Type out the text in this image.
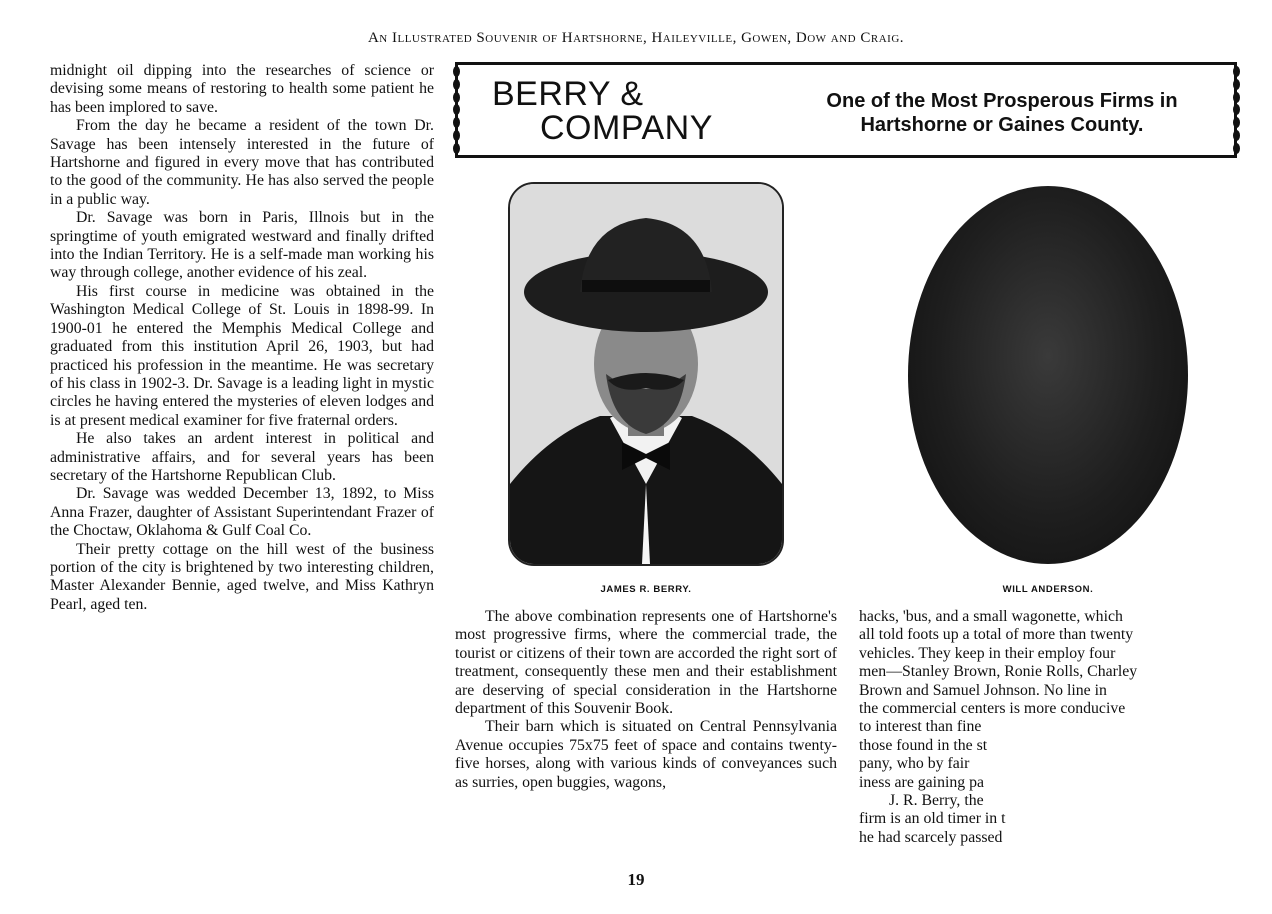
An Illustrated Souvenir of Hartshorne, Haileyville, Gowen, Dow and Craig.

midnight oil dipping into the researches of science or devising some means of restoring to health some patient he has been implored to save.

From the day he became a resident of the town Dr. Savage has been intensely interested in the future of Hartshorne and figured in every move that has contributed to the good of the community. He has also served the people in a public way.

Dr. Savage was born in Paris, Illnois but in the springtime of youth emigrated westward and finally drifted into the Indian Territory. He is a self-made man working his way through college, another evidence of his zeal.

His first course in medicine was obtained in the Washington Medical College of St. Louis in 1898-99. In 1900-01 he entered the Memphis Medical College and graduated from this institution April 26, 1903, but had practiced his profession in the meantime. He was secretary of his class in 1902-3. Dr. Savage is a leading light in mystic circles he having entered the mysteries of eleven lodges and is at present medical examiner for five fraternal orders.

He also takes an ardent interest in political and administrative affairs, and for several years has been secretary of the Hartshorne Republican Club.

Dr. Savage was wedded December 13, 1892, to Miss Anna Frazer, daughter of Assistant Superintendant Frazer of the Choctaw, Oklahoma & Gulf Coal Co.

Their pretty cottage on the hill west of the business portion of the city is brightened by two interesting children, Master Alexander Bennie, aged twelve, and Miss Kathryn Pearl, aged ten.

BERRY &
COMPANY
One of the Most Prosperous Firms in
Hartshorne or Gaines County.
JAMES R. BERRY.	WILL ANDERSON.

The above combination represents one of Hartshorne's most progressive firms, where the commercial trade, the tourist or citizens of their town are accorded the right sort of treatment, consequently these men and their establishment are deserving of special consideration in the Hartshorne department of this Souvenir Book.

Their barn which is situated on Central Pennsylvania Avenue occupies 75x75 feet of space and contains twenty-five horses, along with various kinds of conveyances such as surries, open buggies, wagons,

hacks, 'bus, and a small wagonette, which
all told foots up a total of more than twenty
vehicles. They keep in their employ four
men—Stanley Brown, Ronie Rolls, Charley
Brown and Samuel Johnson. No line in
the commercial centers is more conducive
to interest than fine
those found in the st
pany, who by fair
iness are gaining pa
J. R. Berry, the
firm is an old timer in t
he had scarcely passed
19
